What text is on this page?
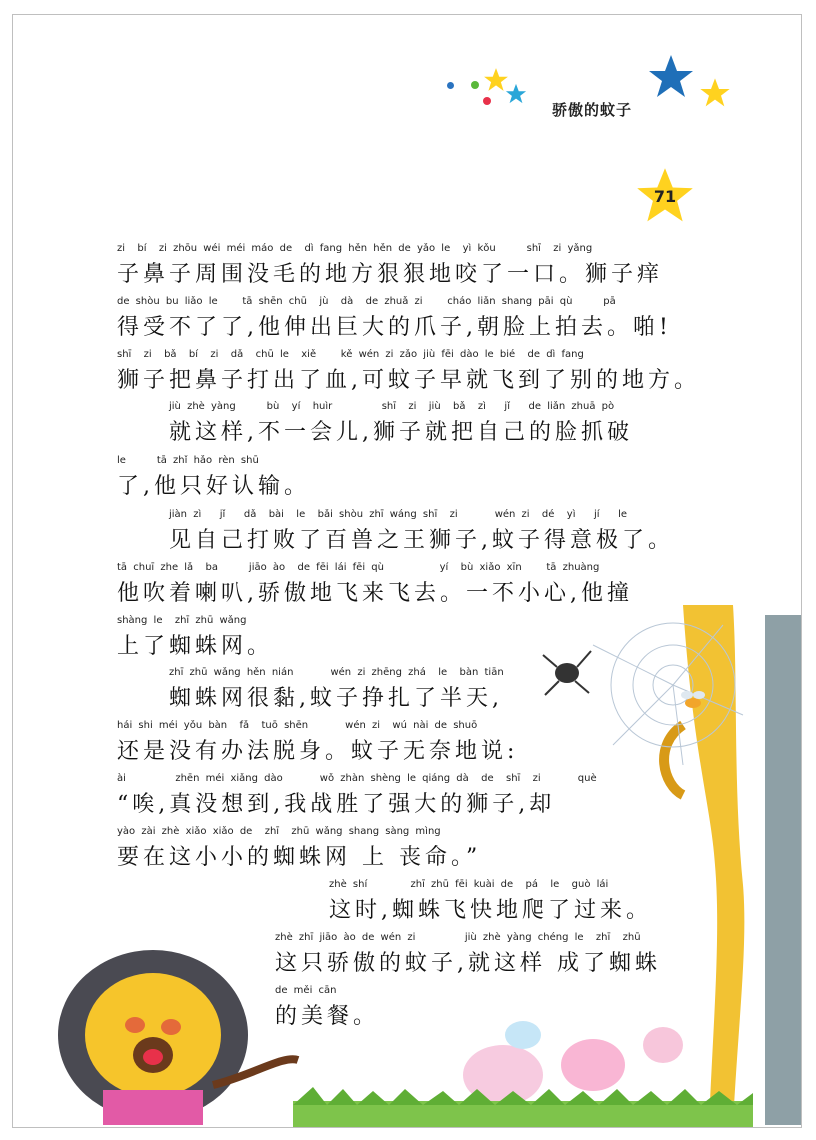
骄傲的蚊子
71
zi  bí  zi zhōu wéi méi máo de  dì fang hěn hěn de yǎo le  yì kǒu     shī  zi yǎng
子鼻子周围没毛的地方狠狠地咬了一口。狮子痒
de shòu bu liǎo le    tā shēn chū  jù  dà  de zhuǎ zi    cháo liǎn shang pāi qù     pā
得受不了了,他伸出巨大的爪子,朝脸上拍去。啪!
shī  zi  bǎ  bí  zi  dǎ  chū le  xiě    kě wén zi zǎo jiù fēi dào le bié  de dì fang
狮子把鼻子打出了血,可蚊子早就飞到了别的地方。
jiù zhè yàng     bù  yí  huìr        shī  zi  jiù  bǎ  zì   jǐ   de liǎn zhuā pò
就这样,不一会儿,狮子就把自己的脸抓破
le     tā zhǐ hǎo rèn shū
了,他只好认输。
jiàn zì   jǐ   dǎ  bài  le  bǎi shòu zhī wáng shī  zi      wén zi  dé  yì   jí   le
见自己打败了百兽之王狮子,蚊子得意极了。
tā chuī zhe lǎ  ba     jiāo ào  de fēi lái fēi qù         yí  bù xiǎo xīn    tā zhuàng
他吹着喇叭,骄傲地飞来飞去。一不小心,他撞
shàng le  zhī zhū wǎng
上了蜘蛛网。
zhī zhū wǎng hěn nián      wén zi zhēng zhá  le  bàn tiān
蜘蛛网很黏,蚊子挣扎了半天,
hái shi méi yǒu bàn  fǎ  tuō shēn      wén zi  wú nài de shuō
还是没有办法脱身。蚊子无奈地说:
ài        zhēn méi xiǎng dào      wǒ zhàn shèng le qiáng dà  de  shī  zi      què
“唉,真没想到,我战胜了强大的狮子,却
yào zài zhè xiǎo xiǎo de  zhī  zhū wǎng shang sàng mìng
要在这小小的蜘蛛网 上 丧命。”
zhè shí       zhī zhū fēi kuài de  pá  le  guò lái
这时,蜘蛛飞快地爬了过来。
zhè zhī jiāo ào de wén zi        jiù zhè yàng chéng le  zhī  zhū
这只骄傲的蚊子,就这样 成了蜘蛛
de měi cān
的美餐。
